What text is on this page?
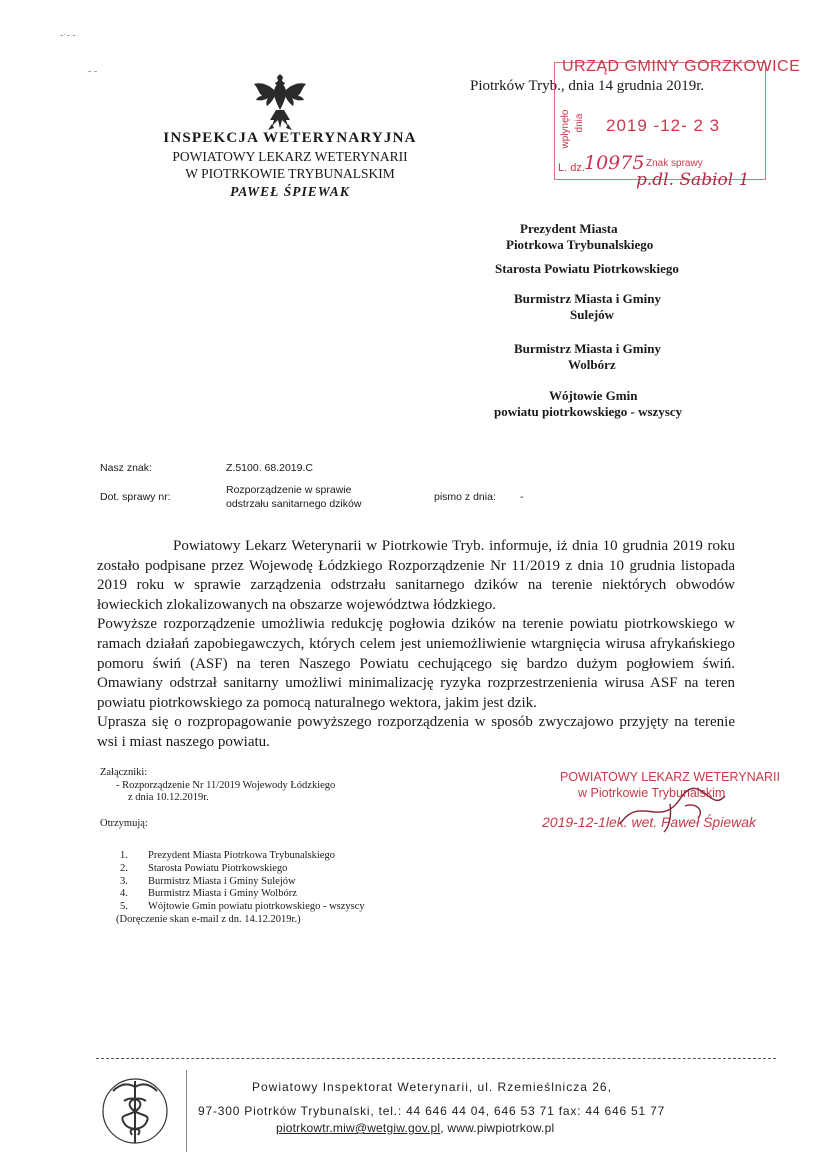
-·- -
- -
INSPEKCJA WETERYNARYJNA
POWIATOWY LEKARZ WETERYNARII
W PIOTRKOWIE TRYBUNALSKIM
PAWEŁ ŚPIEWAK
Piotrków Tryb., dnia 14 grudnia 2019r.
URZĄD GMINY GORZKOWICE
wpłynęło dnia 2019 -12- 2 3
L. dz. 10975 Znak sprawy
p.dl. Sabiol 1
Prezydent Miasta
Piotrkowa Trybunalskiego
Starosta Powiatu Piotrkowskiego
Burmistrz Miasta i Gminy
Sulejów
Burmistrz Miasta i Gminy
Wolbórz
Wójtowie Gmin
powiatu piotrkowskiego - wszyscy
Nasz znak:	Z.5100. 68.2019.C
Dot. sprawy nr:
Rozporządzenie w sprawie
odstrzału sanitarnego dzików
pismo z dnia: -

Powiatowy Lekarz Weterynarii w Piotrkowie Tryb. informuje, iż dnia 10 grudnia 2019 roku zostało podpisane przez Wojewodę Łódzkiego Rozporządzenie Nr 11/2019 z dnia 10 grudnia listopada 2019 roku w sprawie zarządzenia odstrzału sanitarnego dzików na terenie niektórych obwodów łowieckich zlokalizowanych na obszarze województwa łódzkiego.

Powyższe rozporządzenie umożliwia redukcję pogłowia dzików na terenie powiatu piotrkowskiego w ramach działań zapobiegawczych, których celem jest uniemożliwienie wtargnięcia wirusa afrykańskiego pomoru świń (ASF) na teren Naszego Powiatu cechującego się bardzo dużym pogłowiem świń. Omawiany odstrzał sanitarny umożliwi minimalizację ryzyka rozprzestrzenienia wirusa ASF na teren powiatu piotrkowskiego za pomocą naturalnego wektora, jakim jest dzik.

Uprasza się o rozpropagowanie powyższego rozporządzenia w sposób zwyczajowo przyjęty na terenie wsi i miast naszego powiatu.

Załączniki:
- Rozporządzenie Nr 11/2019 Wojewody Łódzkiego
z dnia 10.12.2019r.
Otrzymują:
1. Prezydent Miasta Piotrkowa Trybunalskiego
2. Starosta Powiatu Piotrkowskiego
3. Burmistrz Miasta i Gminy Sulejów
4. Burmistrz Miasta i Gminy Wolbórz
5. Wójtowie Gmin powiatu piotrkowskiego - wszyscy
(Doręczenie skan e-mail z dn. 14.12.2019r.)
POWIATOWY LEKARZ WETERYNARII
w Piotrkowie Trybunalskim
2019-12-1lek. wet. Paweł Śpiewak
Powiatowy Inspektorat Weterynarii, ul. Rzemieślnicza 26,
97-300 Piotrków Trybunalski, tel.: 44 646 44 04, 646 53 71 fax: 44 646 51 77
piotrkowtr.miw@wetgiw.gov.pl, www.piwpiotrkow.pl
